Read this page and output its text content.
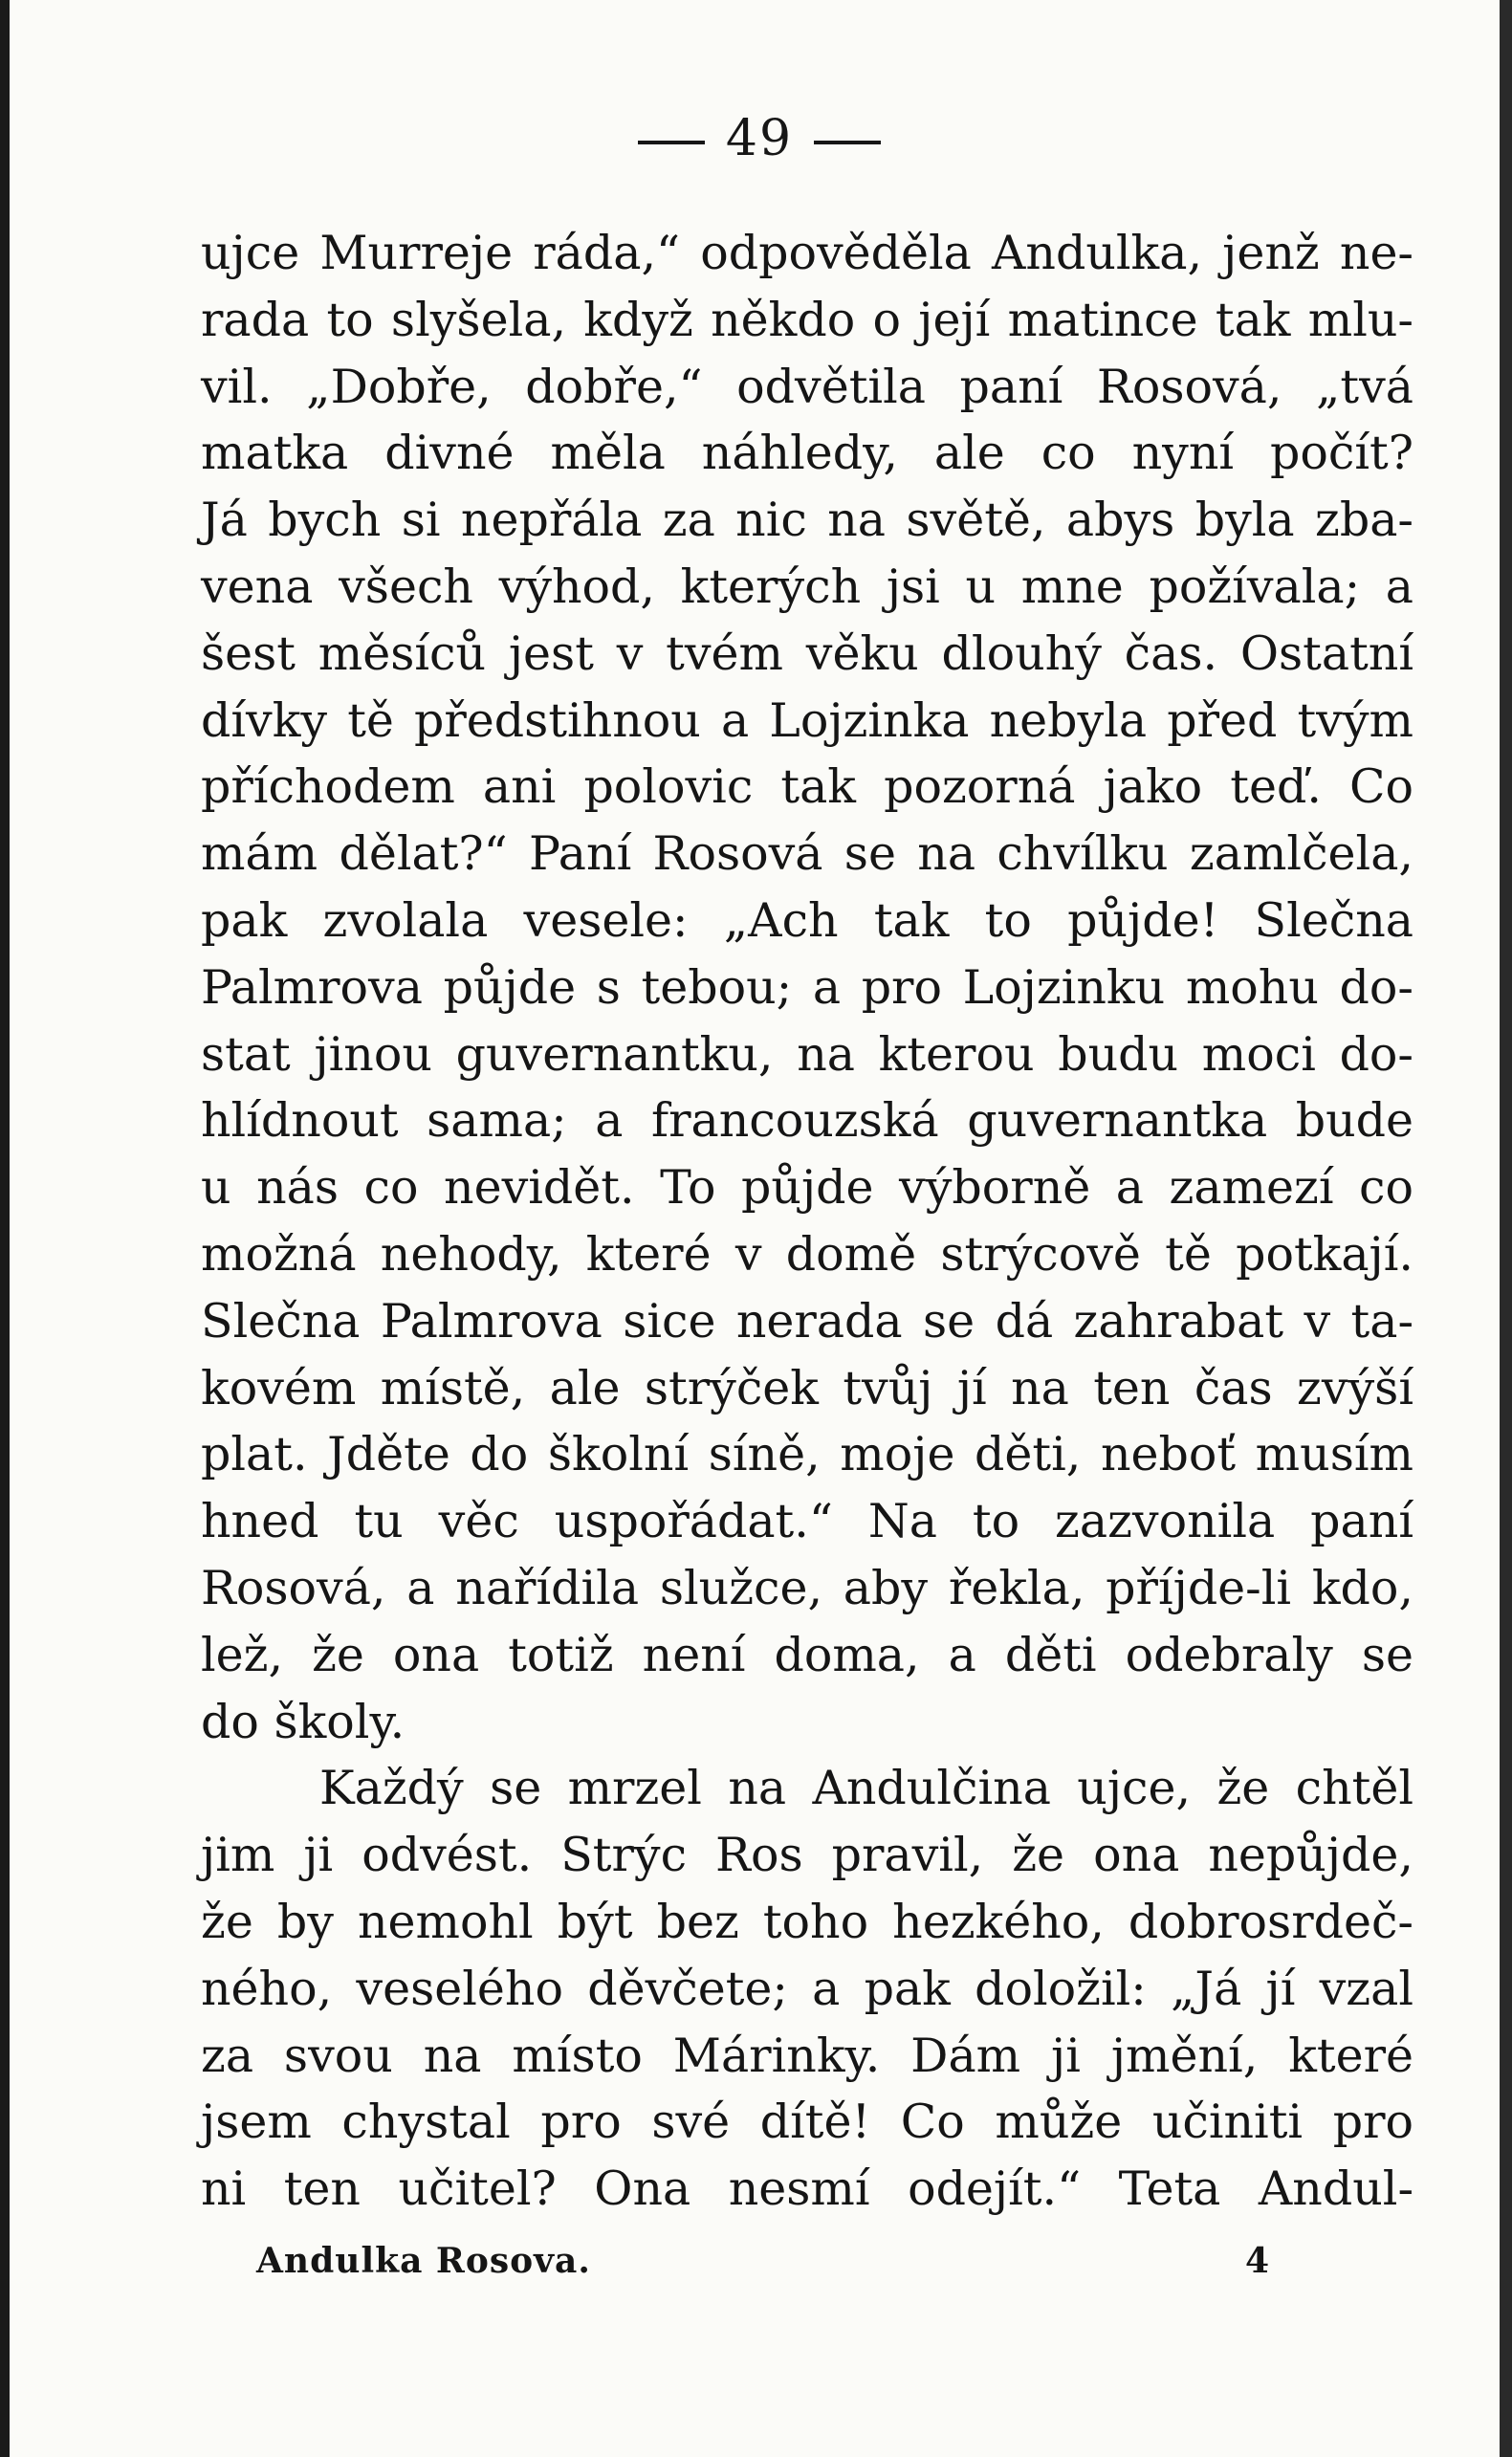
49
ujce Murreje ráda,“ odpověděla Andulka, jenž ne-
rada to slyšela, když někdo o její matince tak mlu-
vil. „Dobře, dobře,“ odvětila paní Rosová, „tvá
matka divné měla náhledy, ale co nyní počít?
Já bych si nepřála za nic na světě, abys byla zba-
vena všech výhod, kterých jsi u mne požívala; a
šest měsíců jest v tvém věku dlouhý čas. Ostatní
dívky tě předstihnou a Lojzinka nebyla před tvým
příchodem ani polovic tak pozorná jako teď. Co
mám dělat?“ Paní Rosová se na chvílku zamlčela,
pak zvolala vesele: „Ach tak to půjde! Slečna
Palmrova půjde s tebou; a pro Lojzinku mohu do-
stat jinou guvernantku, na kterou budu moci do-
hlídnout sama; a francouzská guvernantka bude
u nás co nevidět. To půjde výborně a zamezí co
možná nehody, které v domě strýcově tě potkají.
Slečna Palmrova sice nerada se dá zahrabat v ta-
kovém místě, ale strýček tvůj jí na ten čas zvýší
plat. Jděte do školní síně, moje děti, neboť musím
hned tu věc uspořádat.“ Na to zazvonila paní
Rosová, a nařídila služce, aby řekla, příjde-li kdo,
lež, že ona totiž není doma, a děti odebraly se
do školy.
Každý se mrzel na Andulčina ujce, že chtěl
jim ji odvést. Strýc Ros pravil, že ona nepůjde,
že by nemohl být bez toho hezkého, dobrosrdeč-
ného, veselého děvčete; a pak doložil: „Já jí vzal
za svou na místo Márinky. Dám ji jmění, které
jsem chystal pro své dítě! Co může učiniti pro
ni ten učitel? Ona nesmí odejít.“ Teta Andul-
Andulka Rosova.	4
